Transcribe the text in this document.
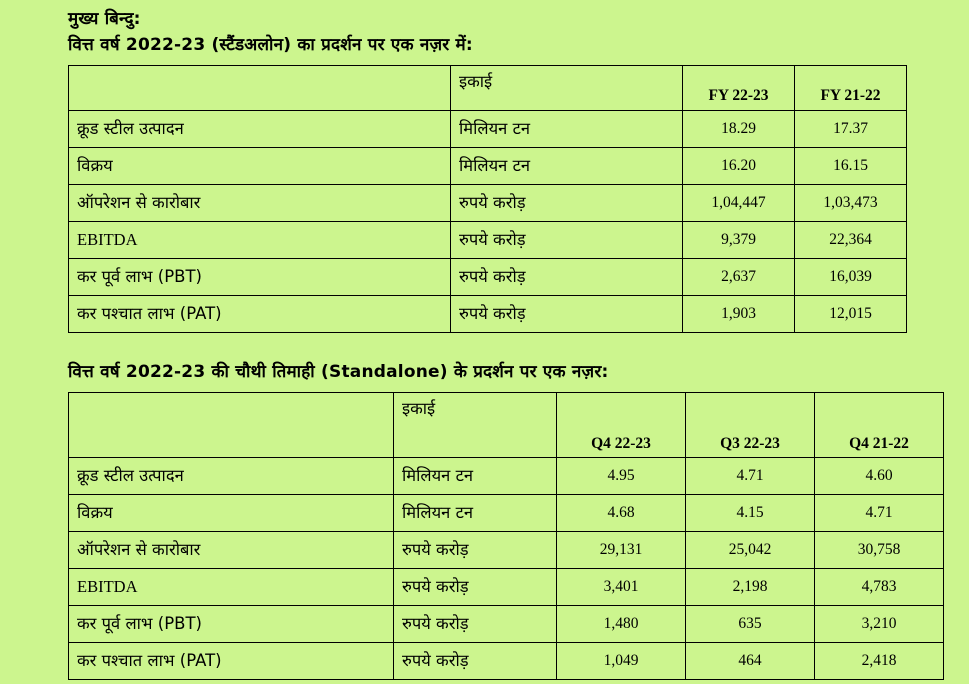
मुख्य बिन्दु:
वित्त वर्ष 2022-23 (स्टैंडअलोन) का प्रदर्शन पर एक नज़र में:
	इकाई	FY 22-23	FY 21-22
क्रूड स्टील उत्पादन	मिलियन टन	18.29	17.37
विक्रय	मिलियन टन	16.20	16.15
ऑपरेशन से कारोबार	रुपये करोड़	1,04,447	1,03,473
EBITDA	रुपये करोड़	9,379	22,364
कर पूर्व लाभ (PBT)	रुपये करोड़	2,637	16,039
कर पश्चात लाभ (PAT)	रुपये करोड़	1,903	12,015
वित्त वर्ष 2022-23 की चौथी तिमाही (Standalone) के प्रदर्शन पर एक नज़र:
	इकाई	Q4 22-23	Q3 22-23	Q4 21-22
क्रूड स्टील उत्पादन	मिलियन टन	4.95	4.71	4.60
विक्रय	मिलियन टन	4.68	4.15	4.71
ऑपरेशन से कारोबार	रुपये करोड़	29,131	25,042	30,758
EBITDA	रुपये करोड़	3,401	2,198	4,783
कर पूर्व लाभ (PBT)	रुपये करोड़	1,480	635	3,210
कर पश्चात लाभ (PAT)	रुपये करोड़	1,049	464	2,418
